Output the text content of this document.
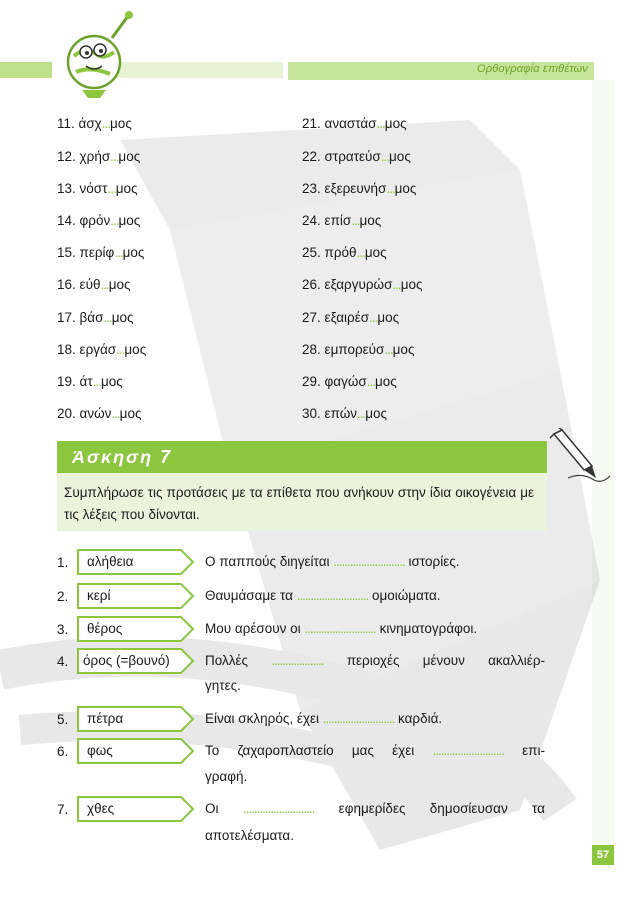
Ορθογραφία επιθέτων
11. άσχ...μος
12. χρήσ...μος
13. νόστ...μος
14. φρόν...μος
15. περίφ...μος
16. εύθ...μος
17. βάσ...μος
18. εργάσ...μος
19. άτ...μος
20. ανών...μος
21. αναστάσ...μος
22. στρατεύσ...μος
23. εξερευνήσ...μος
24. επίσ...μος
25. πρόθ...μος
26. εξαργυρώσ...μος
27. εξαιρέσ...μος
28. εμπορεύσ...μος
29. φαγώσ...μος
30. επών...μος
Άσκηση 7
Συμπλήρωσε τις προτάσεις με τα επίθετα που ανήκουν στην ίδια οικογένεια με τις λέξεις που δίνονται.
1. αλήθεια	Ο παππούς διηγείται .......................... ιστορίες.
2. κερί	Θαυμάσαμε τα .......................... ομοιώματα.
3. θέρος	Μου αρέσουν οι .......................... κινηματογράφοι.
4. όρος (=βουνό)	Πολλές ................... περιοχές μένουν ακαλλιέρ-
γητες.
5. πέτρα	Είναι σκληρός, έχει .......................... καρδιά.
6. φως	Το ζαχαροπλαστείο μας έχει .......................... επι-
γραφή.
7. χθες	Οι .......................... εφημερίδες δημοσίευσαν τα
αποτελέσματα.
57
